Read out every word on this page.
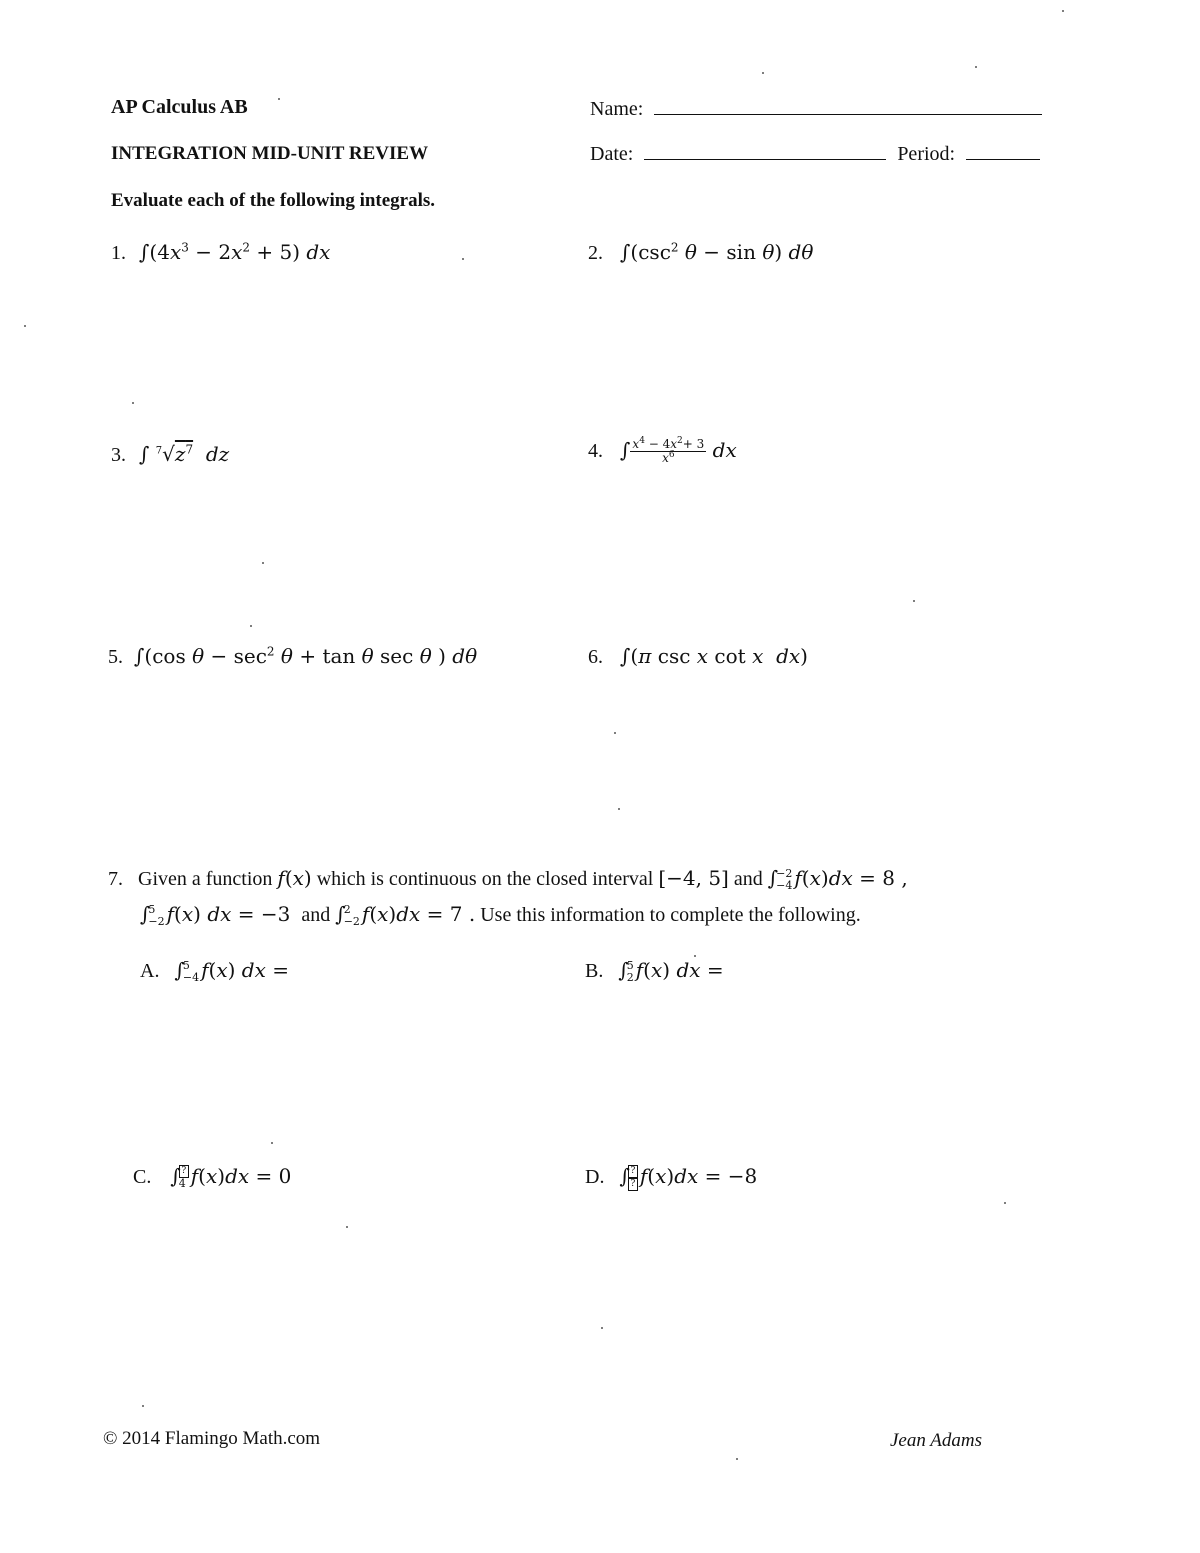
AP Calculus AB
INTEGRATION MID-UNIT REVIEW
Name:
Date:	Period:
Evaluate each of the following integrals.
1. $\int(4x^3 - 2x^2 + 5)$ dx	2. $\int(\csc^2$ θ − sin θ) dθ
3. ∫ $^7√z^7$ dz	4. ∫ $\frac{x^4 - 4x^2+ 3}{x^6}$ dx
5. ∫(cos $\theta - \sec^2 \theta + \tan \theta$ sec θ ) dθ	6. ∫(π csc x cot x dx)
7. Given a function f(x) which is continuous on the closed interval [−4, 5] and ∫
−2
−4 f(x)dx = 8 ,
∫
5
−2 f(x) dx = −3 and ∫
2
−2 f(x)dx = 7 . Use this information to complete the following.
A. ∫
5
−4 f(x) dx =	B. ∫
5
2 f(x) dx =
C. ∫ ?
4 f(x)dx = 0	D. ∫ ?
? f(x)dx = −8
© 2014 Flamingo Math.com	Jean Adams
